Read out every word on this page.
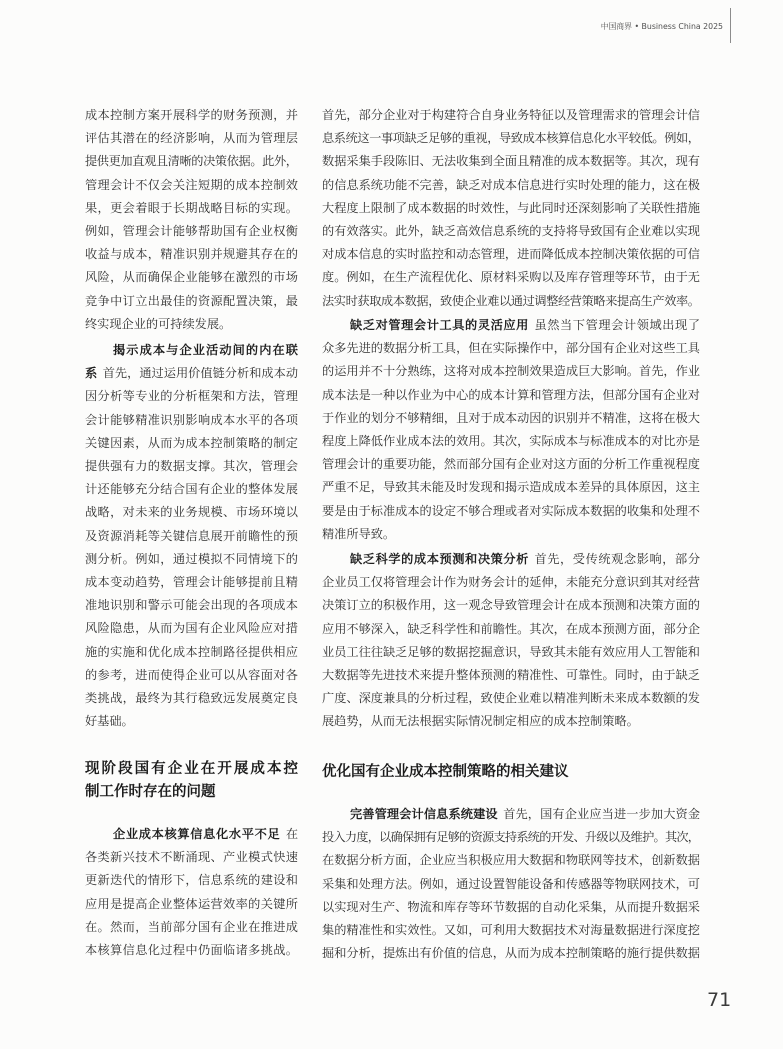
中国商界 • Business China 2025
成本控制方案开展科学的财务预测，并
评估其潜在的经济影响，从而为管理层
提供更加直观且清晰的决策依据。此外，
管理会计不仅会关注短期的成本控制效
果，更会着眼于长期战略目标的实现。
例如，管理会计能够帮助国有企业权衡
收益与成本，精准识别并规避其存在的
风险，从而确保企业能够在激烈的市场
竞争中订立出最佳的资源配置决策，最
终实现企业的可持续发展。
揭示成本与企业活动间的内在联
系 首先，通过运用价值链分析和成本动
因分析等专业的分析框架和方法，管理
会计能够精准识别影响成本水平的各项
关键因素，从而为成本控制策略的制定
提供强有力的数据支撑。其次，管理会
计还能够充分结合国有企业的整体发展
战略，对未来的业务规模、市场环境以
及资源消耗等关键信息展开前瞻性的预
测分析。例如，通过模拟不同情境下的
成本变动趋势，管理会计能够提前且精
准地识别和警示可能会出现的各项成本
风险隐患，从而为国有企业风险应对措
施的实施和优化成本控制路径提供相应
的参考，进而使得企业可以从容面对各
类挑战，最终为其行稳致远发展奠定良
好基础。
现阶段国有企业在开展成本控
制工作时存在的问题
企业成本核算信息化水平不足 在
各类新兴技术不断涌现、产业模式快速
更新迭代的情形下，信息系统的建设和
应用是提高企业整体运营效率的关键所
在。然而，当前部分国有企业在推进成
本核算信息化过程中仍面临诸多挑战。
首先，部分企业对于构建符合自身业务特征以及管理需求的管理会计信
息系统这一事项缺乏足够的重视，导致成本核算信息化水平较低。例如，
数据采集手段陈旧、无法收集到全面且精准的成本数据等。其次，现有
的信息系统功能不完善，缺乏对成本信息进行实时处理的能力，这在极
大程度上限制了成本数据的时效性，与此同时还深刻影响了关联性措施
的有效落实。此外，缺乏高效信息系统的支持将导致国有企业难以实现
对成本信息的实时监控和动态管理，进而降低成本控制决策依据的可信
度。例如，在生产流程优化、原材料采购以及库存管理等环节，由于无
法实时获取成本数据，致使企业难以通过调整经营策略来提高生产效率。
缺乏对管理会计工具的灵活应用 虽然当下管理会计领域出现了
众多先进的数据分析工具，但在实际操作中，部分国有企业对这些工具
的运用并不十分熟练，这将对成本控制效果造成巨大影响。首先，作业
成本法是一种以作业为中心的成本计算和管理方法，但部分国有企业对
于作业的划分不够精细，且对于成本动因的识别并不精准，这将在极大
程度上降低作业成本法的效用。其次，实际成本与标准成本的对比亦是
管理会计的重要功能，然而部分国有企业对这方面的分析工作重视程度
严重不足，导致其未能及时发现和揭示造成成本差异的具体原因，这主
要是由于标准成本的设定不够合理或者对实际成本数据的收集和处理不
精准所导致。
缺乏科学的成本预测和决策分析 首先，受传统观念影响，部分
企业员工仅将管理会计作为财务会计的延伸，未能充分意识到其对经营
决策订立的积极作用，这一观念导致管理会计在成本预测和决策方面的
应用不够深入，缺乏科学性和前瞻性。其次，在成本预测方面，部分企
业员工往往缺乏足够的数据挖掘意识，导致其未能有效应用人工智能和
大数据等先进技术来提升整体预测的精准性、可靠性。同时，由于缺乏
广度、深度兼具的分析过程，致使企业难以精准判断未来成本数额的发
展趋势，从而无法根据实际情况制定相应的成本控制策略。
优化国有企业成本控制策略的相关建议
完善管理会计信息系统建设 首先，国有企业应当进一步加大资金
投入力度，以确保拥有足够的资源支持系统的开发、升级以及维护。其次，
在数据分析方面，企业应当积极应用大数据和物联网等技术，创新数据
采集和处理方法。例如，通过设置智能设备和传感器等物联网技术，可
以实现对生产、物流和库存等环节数据的自动化采集，从而提升数据采
集的精准性和实效性。又如，可利用大数据技术对海量数据进行深度挖
掘和分析，提炼出有价值的信息，从而为成本控制策略的施行提供数据
71
